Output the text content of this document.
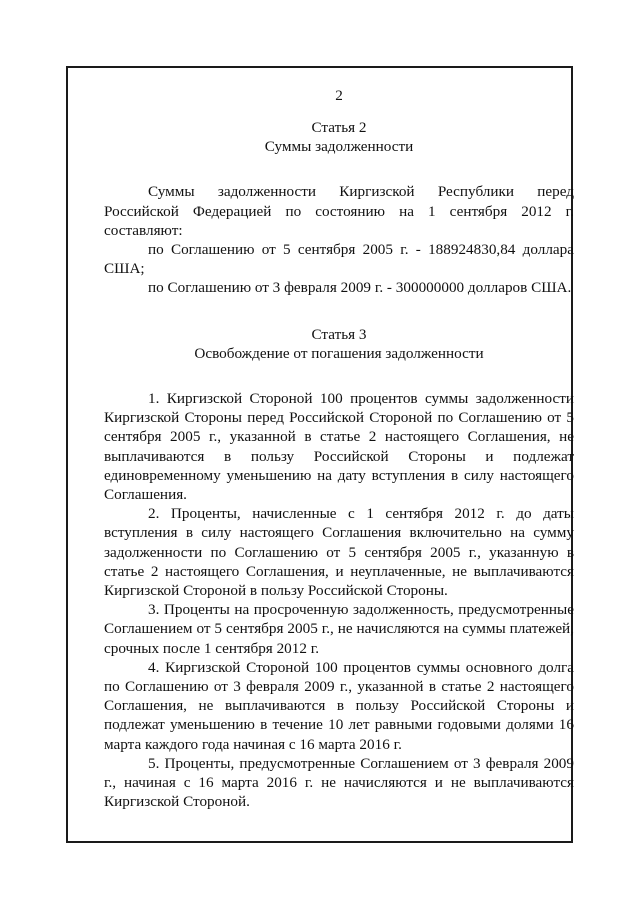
2

Статья 2

Суммы задолженности

Суммы задолженности Киргизской Республики перед Российской Федерацией по состоянию на 1 сентября 2012 г. составляют:

по Соглашению от 5 сентября 2005 г. - 188924830,84 доллара США;

по Соглашению от 3 февраля 2009 г. - 300000000 долларов США.

Статья 3

Освобождение от погашения задолженности

1. Киргизской Стороной 100 процентов суммы задолженности Киргизской Стороны перед Российской Стороной по Соглашению от 5 сентября 2005 г., указанной в статье 2 настоящего Соглашения, не выплачиваются в пользу Российской Стороны и подлежат единовременному уменьшению на дату вступления в силу настоящего Соглашения.

2. Проценты, начисленные с 1 сентября 2012 г. до даты вступления в силу настоящего Соглашения включительно на сумму задолженности по Соглашению от 5 сентября 2005 г., указанную в статье 2 настоящего Соглашения, и неуплаченные, не выплачиваются Киргизской Стороной в пользу Российской Стороны.

3. Проценты на просроченную задолженность, предусмотренные Соглашением от 5 сентября 2005 г., не начисляются на суммы платежей, срочных после 1 сентября 2012 г.

4. Киргизской Стороной 100 процентов суммы основного долга по Соглашению от 3 февраля 2009 г., указанной в статье 2 настоящего Соглашения, не выплачиваются в пользу Российской Стороны и подлежат уменьшению в течение 10 лет равными годовыми долями 16 марта каждого года начиная с 16 марта 2016 г.

5. Проценты, предусмотренные Соглашением от 3 февраля 2009 г., начиная с 16 марта 2016 г. не начисляются и не выплачиваются Киргизской Стороной.
